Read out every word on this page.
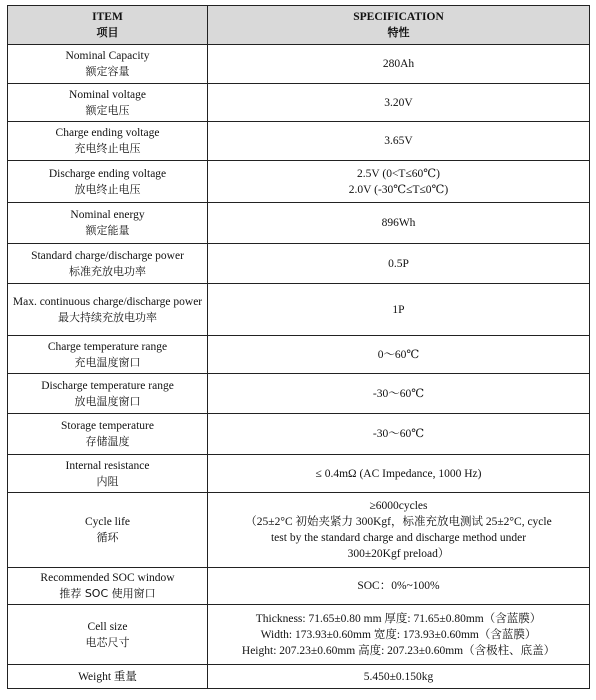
ITEM
项目	SPECIFICATION
特性

Nominal Capacity
额定容量	280Ah

Nominal voltage
额定电压	3.20V

Charge ending voltage
充电终止电压	3.65V

Discharge ending voltage
放电终止电压	2.5V (0<T≤60℃)
2.0V (-30℃≤T≤0℃)

Nominal energy
额定能量	896Wh

Standard charge/discharge power
标准充放电功率	0.5P

Max. continuous charge/discharge power
最大持续充放电功率	1P

Charge temperature range
充电温度窗口	0～60℃

Discharge temperature range
放电温度窗口	-30～60℃

Storage temperature
存储温度	-30～60℃

Internal resistance
内阻	≤ 0.4mΩ (AC Impedance, 1000 Hz)

Cycle life
循环	≥6000cycles
（25±2°C 初始夹紧力 300Kgf，标准充放电测试 25±2°C, cycle
test by the standard charge and discharge method under
300±20Kgf preload）

Recommended SOC window
推荐 SOC 使用窗口	SOC：0%~100%

Cell size
电芯尺寸	Thickness: 71.65±0.80 mm 厚度: 71.65±0.80mm（含蓝膜）
Width: 173.93±0.60mm 宽度: 173.93±0.60mm（含蓝膜）
Height: 207.23±0.60mm 高度: 207.23±0.60mm（含极柱、底盖）

Weight 重量	5.450±0.150kg
